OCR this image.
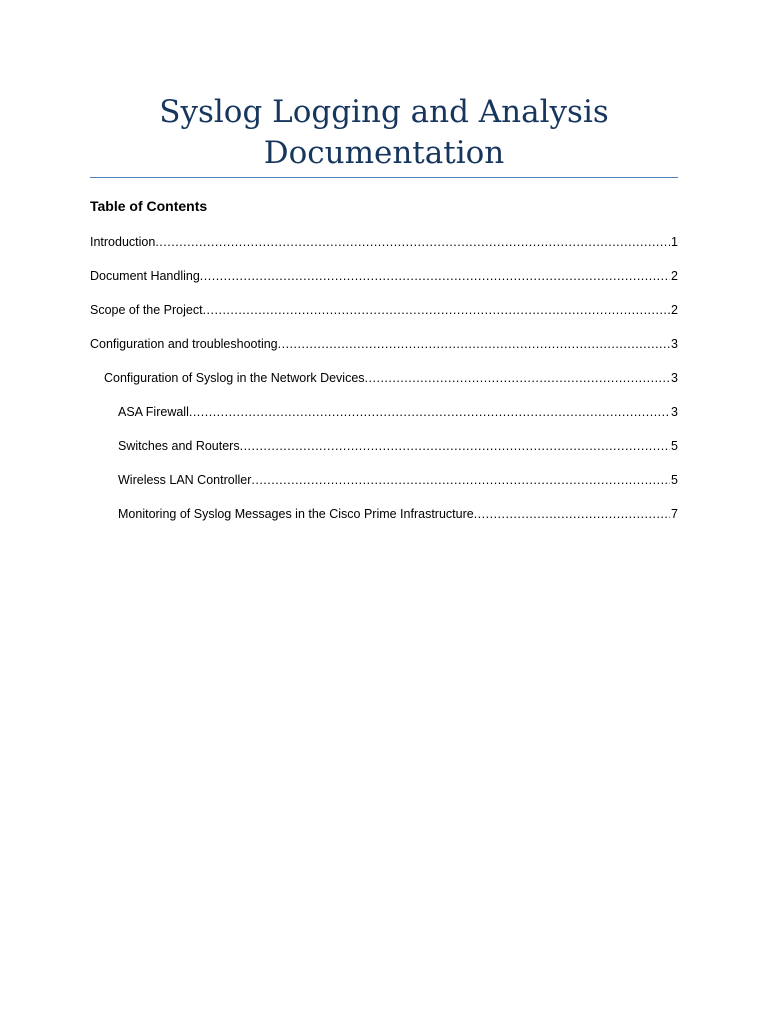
Syslog Logging and Analysis
Documentation
Table of Contents
Introduction .....	1
Document Handling .....	2
Scope of the Project .....	2
Configuration and troubleshooting .....	3
Configuration of Syslog in the Network Devices .....	3
ASA Firewall .....	3
Switches and Routers .....	5
Wireless LAN Controller .....	5
Monitoring of Syslog Messages in the Cisco Prime Infrastructure .....	7
